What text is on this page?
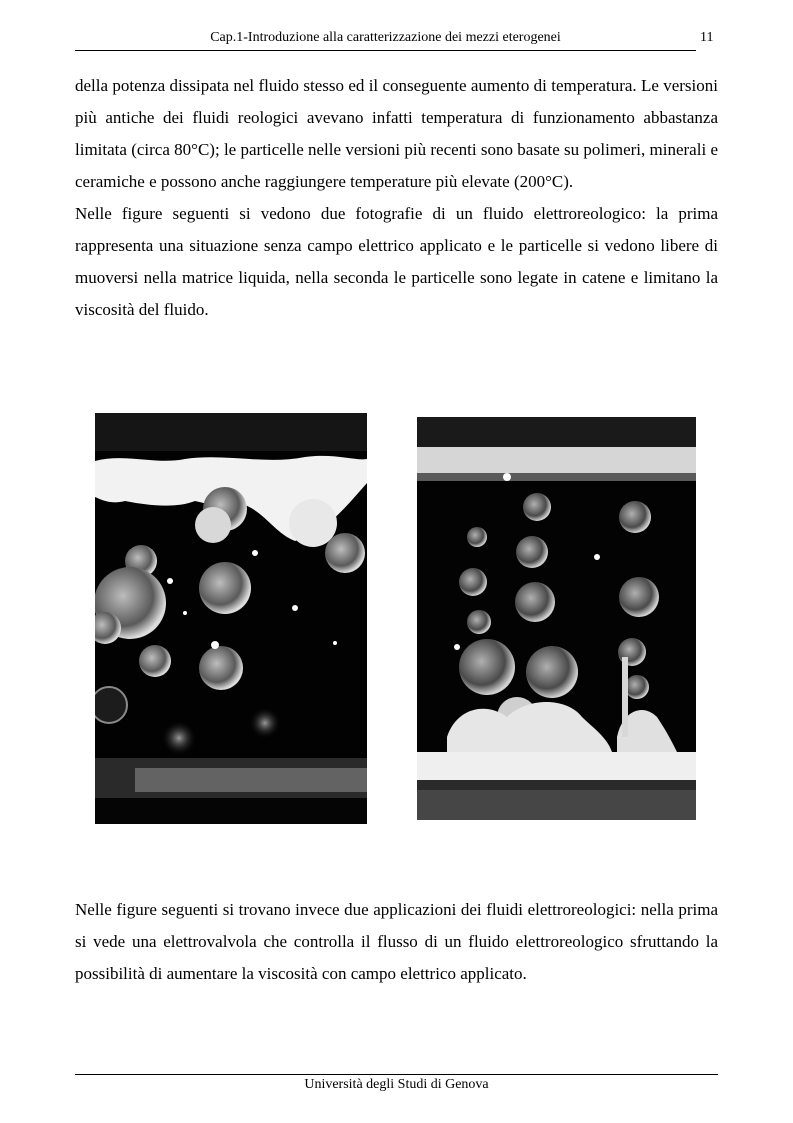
Cap.1-Introduzione alla caratterizzazione dei mezzi eterogenei	11

della potenza dissipata nel fluido stesso ed il conseguente aumento di temperatura. Le versioni più antiche dei fluidi reologici avevano infatti temperatura di funzionamento abbastanza limitata (circa 80°C); le particelle nelle versioni più recenti sono basate su polimeri, minerali e ceramiche e possono anche raggiungere temperature più elevate (200°C).

Nelle figure seguenti si vedono due fotografie di un fluido elettroreologico: la prima rappresenta una situazione senza campo elettrico applicato e le particelle si vedono libere di muoversi nella matrice liquida, nella seconda le particelle sono legate in catene e limitano la viscosità del fluido.

Nelle figure seguenti si trovano invece due applicazioni dei fluidi elettroreologici: nella prima si vede una elettrovalvola che controlla il flusso di un fluido elettroreologico sfruttando la possibilità di aumentare la viscosità con campo elettrico applicato.

Università degli Studi di Genova
